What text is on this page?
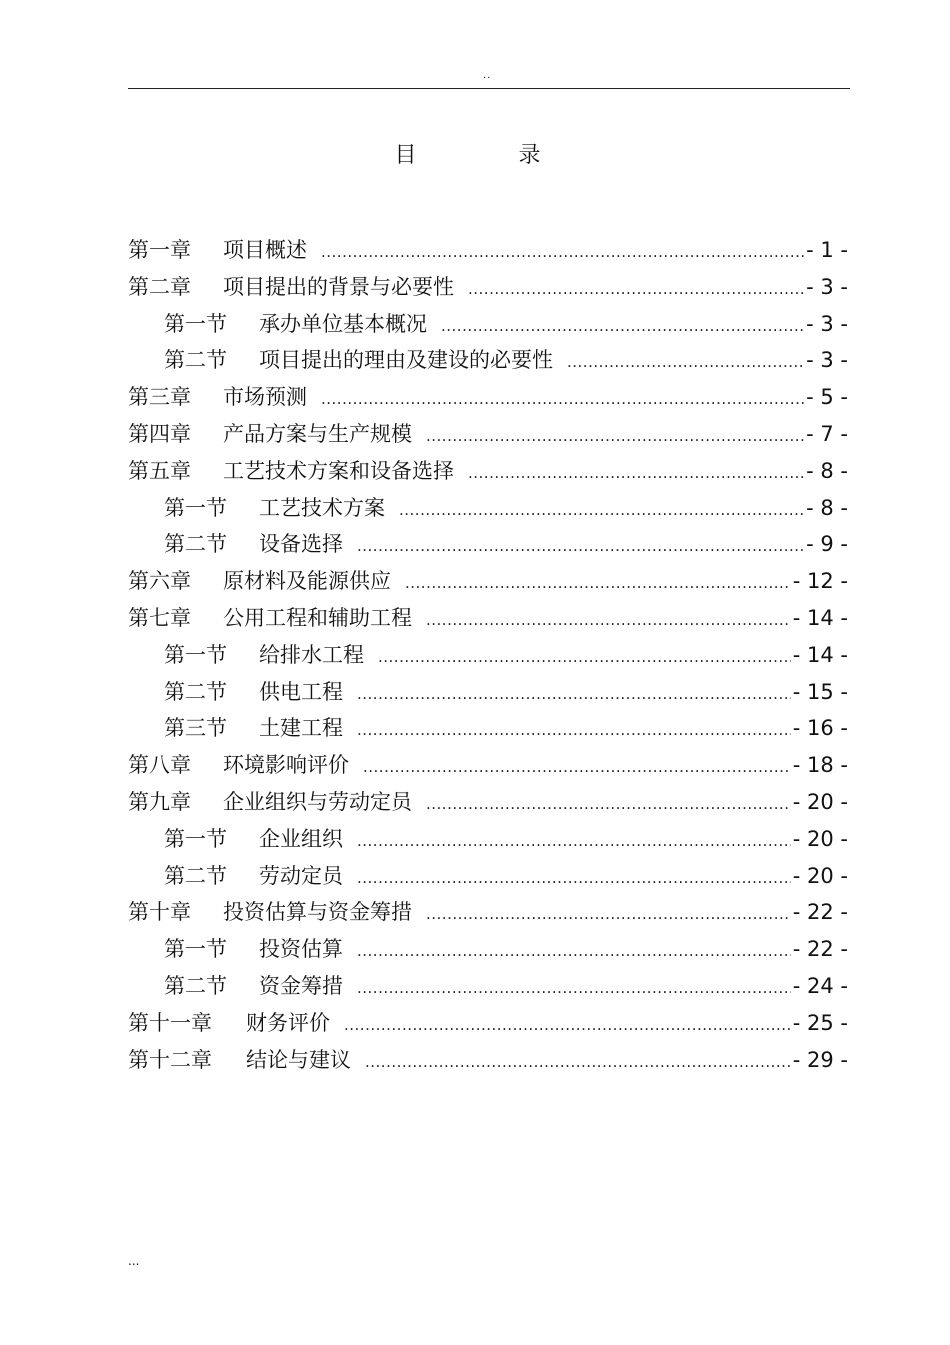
..
目　录
第一章 项目概述 .....	- 1 -
第二章 项目提出的背景与必要性 .....	- 3 -
第一节 承办单位基本概况 .....	- 3 -
第二节 项目提出的理由及建设的必要性 .....	- 3 -
第三章 市场预测 .....	- 5 -
第四章 产品方案与生产规模 .....	- 7 -
第五章 工艺技术方案和设备选择 .....	- 8 -
第一节 工艺技术方案 .....	- 8 -
第二节 设备选择 .....	- 9 -
第六章 原材料及能源供应 .....	- 12 -
第七章 公用工程和辅助工程 .....	- 14 -
第一节 给排水工程 .....	- 14 -
第二节 供电工程 .....	- 15 -
第三节 土建工程 .....	- 16 -
第八章 环境影响评价 .....	- 18 -
第九章 企业组织与劳动定员 .....	- 20 -
第一节 企业组织 .....	- 20 -
第二节 劳动定员 .....	- 20 -
第十章 投资估算与资金筹措 .....	- 22 -
第一节 投资估算 .....	- 22 -
第二节 资金筹措 .....	- 24 -
第十一章 财务评价 .....	- 25 -
第十二章 结论与建议 .....	- 29 -
...
